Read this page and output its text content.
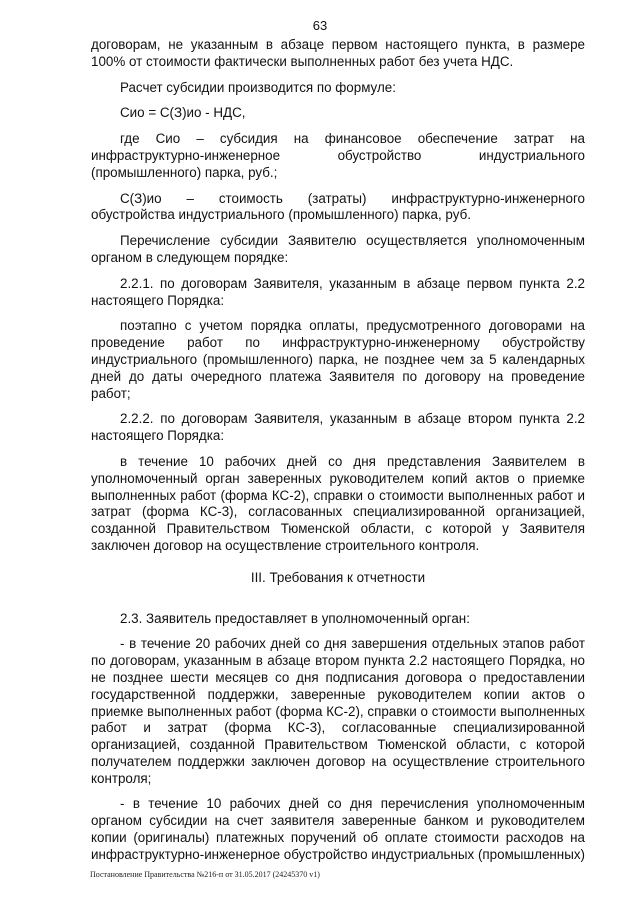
63

договорам, не указанным в абзаце первом настоящего пункта, в размере 100% от стоимости фактически выполненных работ без учета НДС.

Расчет субсидии производится по формуле:

Сио = С(З)ио - НДС,

где Сио – субсидия на финансовое обеспечение затрат на инфраструктурно-инженерное обустройство индустриального (промышленного) парка, руб.;

С(З)ио – стоимость (затраты) инфраструктурно-инженерного обустройства индустриального (промышленного) парка, руб.

Перечисление субсидии Заявителю осуществляется уполномоченным органом в следующем порядке:

2.2.1. по договорам Заявителя, указанным в абзаце первом пункта 2.2 настоящего Порядка:

поэтапно с учетом порядка оплаты, предусмотренного договорами на проведение работ по инфраструктурно-инженерному обустройству индустриального (промышленного) парка, не позднее чем за 5 календарных дней до даты очередного платежа Заявителя по договору на проведение работ;

2.2.2. по договорам Заявителя, указанным в абзаце втором пункта 2.2 настоящего Порядка:

в течение 10 рабочих дней со дня представления Заявителем в уполномоченный орган заверенных руководителем копий актов о приемке выполненных работ (форма КС-2), справки о стоимости выполненных работ и затрат (форма КС-3), согласованных специализированной организацией, созданной Правительством Тюменской области, с которой у Заявителя заключен договор на осуществление строительного контроля.

III. Требования к отчетности

2.3. Заявитель предоставляет в уполномоченный орган:

- в течение 20 рабочих дней со дня завершения отдельных этапов работ по договорам, указанным в абзаце втором пункта 2.2 настоящего Порядка, но не позднее шести месяцев со дня подписания договора о предоставлении государственной поддержки, заверенные руководителем копии актов о приемке выполненных работ (форма КС-2), справки о стоимости выполненных работ и затрат (форма КС-3), согласованные специализированной организацией, созданной Правительством Тюменской области, с которой получателем поддержки заключен договор на осуществление строительного контроля;

- в течение 10 рабочих дней со дня перечисления уполномоченным органом субсидии на счет заявителя заверенные банком и руководителем копии (оригиналы) платежных поручений об оплате стоимости расходов на инфраструктурно-инженерное обустройство индустриальных (промышленных)

Постановление Правительства №216-п от 31.05.2017 (24245370 v1)
